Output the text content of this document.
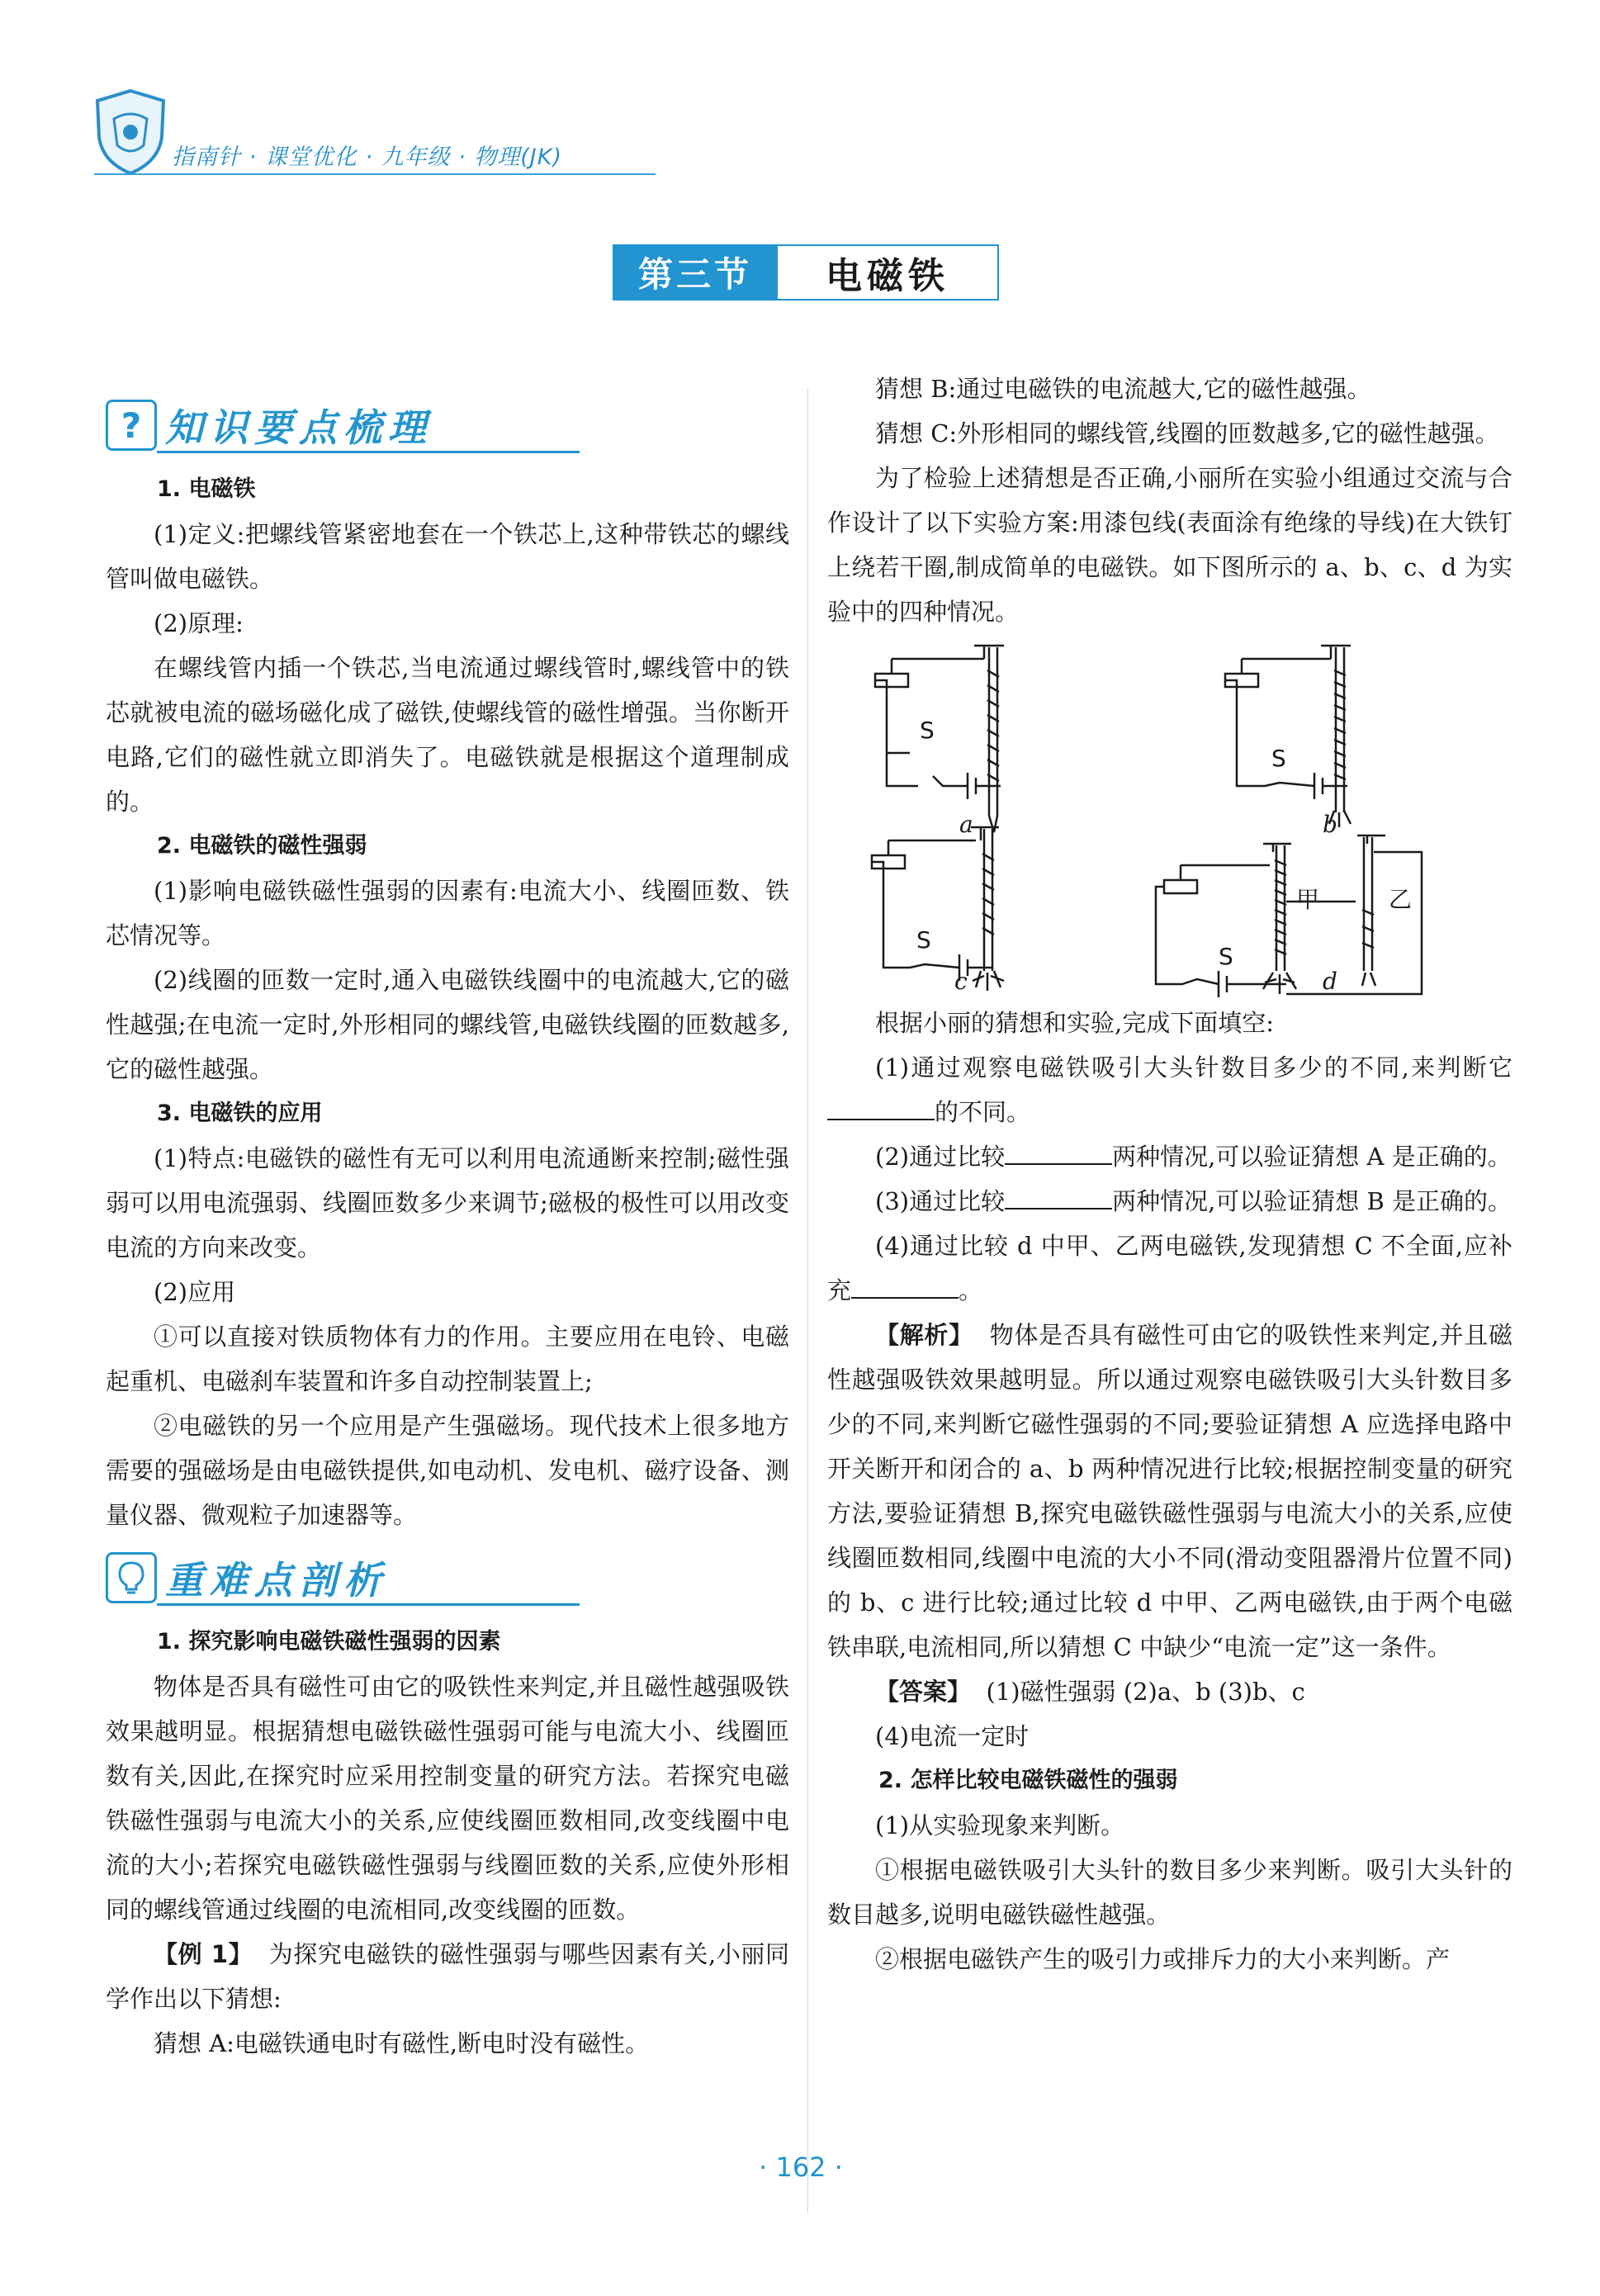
指南针 · 课堂优化 · 九年级 · 物理(JK)
第三节	电磁铁
? 知识要点梳理

1. 电磁铁

(1)定义:把螺线管紧密地套在一个铁芯上,这种带铁芯的螺线管叫做电磁铁。

(2)原理:

在螺线管内插一个铁芯,当电流通过螺线管时,螺线管中的铁芯就被电流的磁场磁化成了磁铁,使螺线管的磁性增强。当你断开电路,它们的磁性就立即消失了。电磁铁就是根据这个道理制成的。

2. 电磁铁的磁性强弱

(1)影响电磁铁磁性强弱的因素有:电流大小、线圈匝数、铁芯情况等。

(2)线圈的匝数一定时,通入电磁铁线圈中的电流越大,它的磁性越强;在电流一定时,外形相同的螺线管,电磁铁线圈的匝数越多,它的磁性越强。

3. 电磁铁的应用

(1)特点:电磁铁的磁性有无可以利用电流通断来控制;磁性强弱可以用电流强弱、线圈匝数多少来调节;磁极的极性可以用改变电流的方向来改变。

(2)应用

①可以直接对铁质物体有力的作用。主要应用在电铃、电磁起重机、电磁刹车装置和许多自动控制装置上;

②电磁铁的另一个应用是产生强磁场。现代技术上很多地方需要的强磁场是由电磁铁提供,如电动机、发电机、磁疗设备、测量仪器、微观粒子加速器等。

重难点剖析

1. 探究影响电磁铁磁性强弱的因素

物体是否具有磁性可由它的吸铁性来判定,并且磁性越强吸铁效果越明显。根据猜想电磁铁磁性强弱可能与电流大小、线圈匝数有关,因此,在探究时应采用控制变量的研究方法。若探究电磁铁磁性强弱与电流大小的关系,应使线圈匝数相同,改变线圈中电流的大小;若探究电磁铁磁性强弱与线圈匝数的关系,应使外形相同的螺线管通过线圈的电流相同,改变线圈的匝数。

【例 1】 为探究电磁铁的磁性强弱与哪些因素有关,小丽同学作出以下猜想:

猜想 A:电磁铁通电时有磁性,断电时没有磁性。

猜想 B:通过电磁铁的电流越大,它的磁性越强。

猜想 C:外形相同的螺线管,线圈的匝数越多,它的磁性越强。

为了检验上述猜想是否正确,小丽所在实验小组通过交流与合作设计了以下实验方案:用漆包线(表面涂有绝缘的导线)在大铁钉上绕若干圈,制成简单的电磁铁。如下图所示的 a、b、c、d 为实验中的四种情况。

S
S
S
S
甲	乙
a	b
c	d

根据小丽的猜想和实验,完成下面填空:

(1)通过观察电磁铁吸引大头针数目多少的不同,来判断它的不同。

(2)通过比较	两种情况,可以验证猜想 A 是正确的。

(3)通过比较	两种情况,可以验证猜想 B 是正确的。

(4)通过比较 d 中甲、乙两电磁铁,发现猜想 C 不全面,应补充	。

【解析】 物体是否具有磁性可由它的吸铁性来判定,并且磁性越强吸铁效果越明显。所以通过观察电磁铁吸引大头针数目多少的不同,来判断它磁性强弱的不同;要验证猜想 A 应选择电路中开关断开和闭合的 a、b 两种情况进行比较;根据控制变量的研究方法,要验证猜想 B,探究电磁铁磁性强弱与电流大小的关系,应使线圈匝数相同,线圈中电流的大小不同(滑动变阻器滑片位置不同)的 b、c 进行比较;通过比较 d 中甲、乙两电磁铁,由于两个电磁铁串联,电流相同,所以猜想 C 中缺少“电流一定”这一条件。

【答案】 (1)磁性强弱 (2)a、b (3)b、c

(4)电流一定时

2. 怎样比较电磁铁磁性的强弱

(1)从实验现象来判断。

①根据电磁铁吸引大头针的数目多少来判断。吸引大头针的数目越多,说明电磁铁磁性越强。

②根据电磁铁产生的吸引力或排斥力的大小来判断。产

· 162 ·
